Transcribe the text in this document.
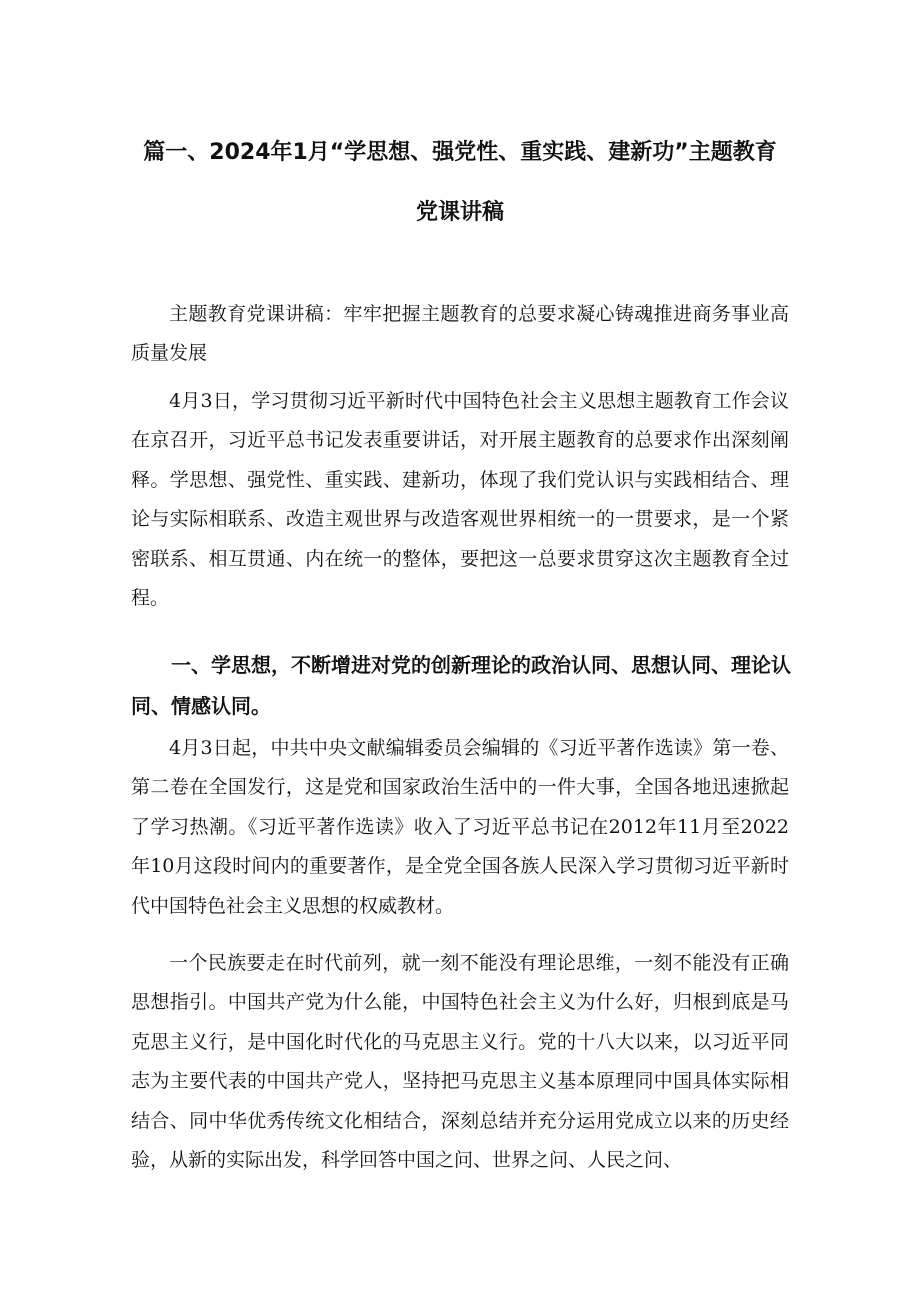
篇一、2024年1月“学思想、强党性、重实践、建新功”主题教育
党课讲稿

主题教育党课讲稿：牢牢把握主题教育的总要求凝心铸魂推进商务事业高质量发展

4月3日，学习贯彻习近平新时代中国特色社会主义思想主题教育工作会议在京召开，习近平总书记发表重要讲话，对开展主题教育的总要求作出深刻阐释。学思想、强党性、重实践、建新功，体现了我们党认识与实践相结合、理论与实际相联系、改造主观世界与改造客观世界相统一的一贯要求，是一个紧密联系、相互贯通、内在统一的整体，要把这一总要求贯穿这次主题教育全过程。

一、学思想，不断增进对党的创新理论的政治认同、思想认同、理论认同、情感认同。

4月3日起，中共中央文献编辑委员会编辑的《习近平著作选读》第一卷、第二卷在全国发行，这是党和国家政治生活中的一件大事，全国各地迅速掀起了学习热潮。《习近平著作选读》收入了习近平总书记在2012年11月至2022年10月这段时间内的重要著作，是全党全国各族人民深入学习贯彻习近平新时代中国特色社会主义思想的权威教材。

一个民族要走在时代前列，就一刻不能没有理论思维，一刻不能没有正确思想指引。中国共产党为什么能，中国特色社会主义为什么好，归根到底是马克思主义行，是中国化时代化的马克思主义行。党的十八大以来，以习近平同志为主要代表的中国共产党人，坚持把马克思主义基本原理同中国具体实际相结合、同中华优秀传统文化相结合，深刻总结并充分运用党成立以来的历史经验，从新的实际出发，科学回答中国之问、世界之问、人民之问、
